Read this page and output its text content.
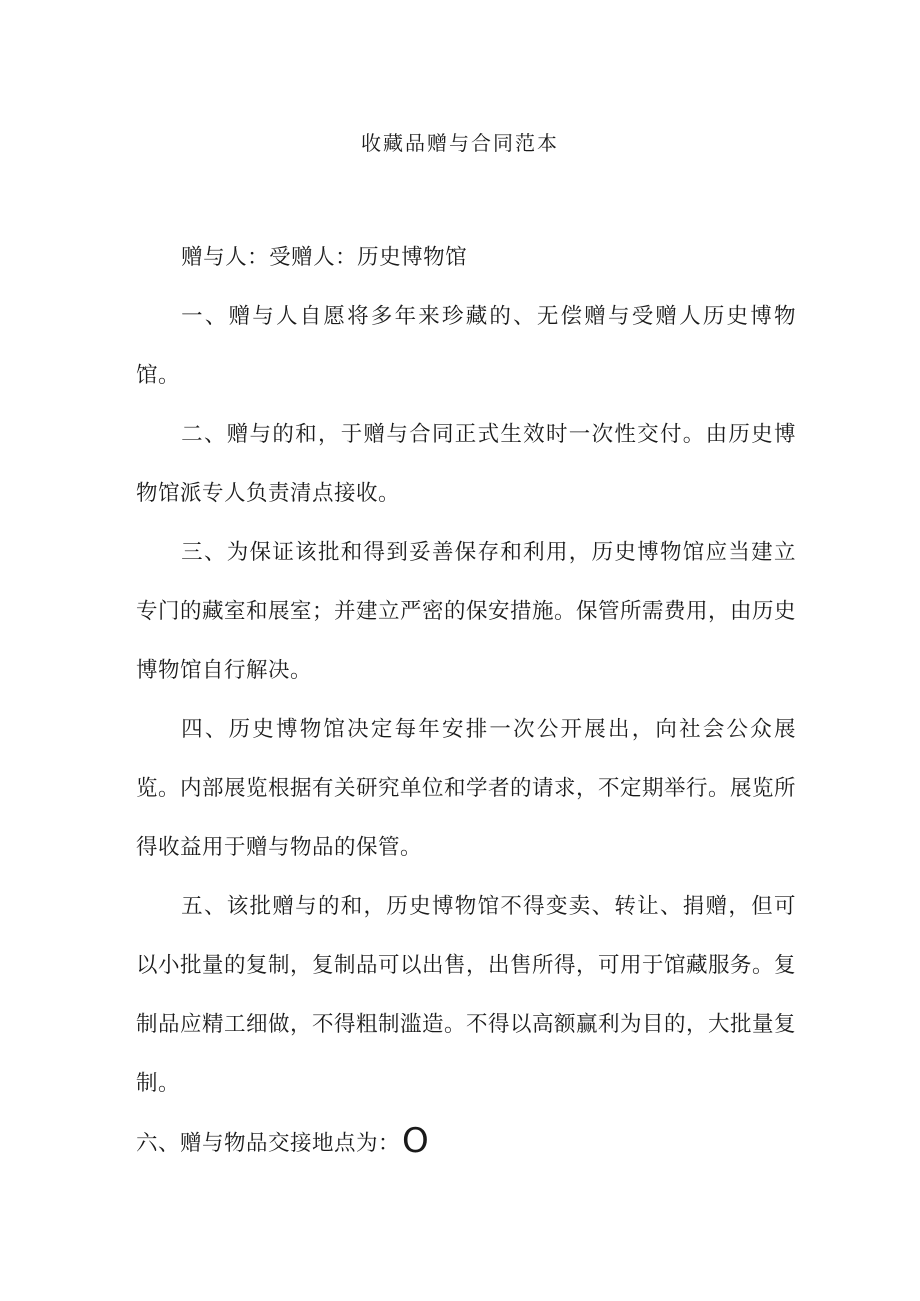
收藏品赠与合同范本

赠与人：受赠人：历史博物馆

一、赠与人自愿将多年来珍藏的、无偿赠与受赠人历史博物馆。

二、赠与的和，于赠与合同正式生效时一次性交付。由历史博物馆派专人负责清点接收。

三、为保证该批和得到妥善保存和利用，历史博物馆应当建立专门的藏室和展室；并建立严密的保安措施。保管所需费用，由历史博物馆自行解决。

四、历史博物馆决定每年安排一次公开展出，向社会公众展览。内部展览根据有关研究单位和学者的请求，不定期举行。展览所得收益用于赠与物品的保管。

五、该批赠与的和，历史博物馆不得变卖、转让、捐赠，但可以小批量的复制，复制品可以出售，出售所得，可用于馆藏服务。复制品应精工细做，不得粗制滥造。不得以高额赢利为目的，大批量复制。

六、赠与物品交接地点为：O
